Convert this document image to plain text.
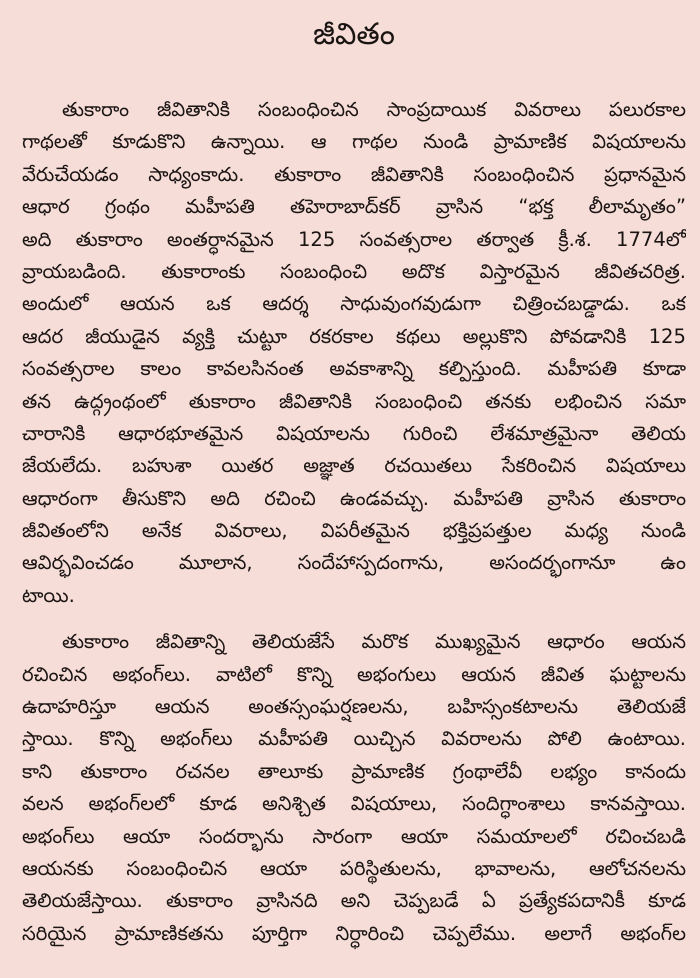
జీవితం
తుకారాం జీవితానికి సంబంధించిన సాంప్రదాయిక వివరాలు పలురకాల
గాథలతో కూడుకొని ఉన్నాయి. ఆ గాథల నుండి ప్రామాణిక విషయాలను
వేరుచేయడం సాధ్యంకాదు. తుకారాం జీవితానికి సంబంధించిన ప్రధానమైన
ఆధార గ్రంథం మహీపతి తహెరాబాద్‌కర్ వ్రాసిన “భక్త లీలామృతం”
అది తుకారాం అంతర్ధానమైన 125 సంవత్సరాల తర్వాత క్రీ.శ. 1774లో
వ్రాయబడింది. తుకారాంకు సంబంధించి అదొక విస్తారమైన జీవితచరిత్ర.
అందులో ఆయన ఒక ఆదర్శ సాధువుంగవుడుగా చిత్రించబడ్డాడు. ఒక
ఆదర జీయుడైన వ్యక్తి చుట్టూ రకరకాల కథలు అల్లుకొని పోవడానికి 125
సంవత్సరాల కాలం కావలసినంత అవకాశాన్ని కల్పిస్తుంది. మహీపతి కూడా
తన ఉద్గ్రంథంలో తుకారాం జీవితానికి సంబంధించి తనకు లభించిన సమా
చారానికి ఆధారభూతమైన విషయాలను గురించి లేశమాత్రమైనా తెలియ
జేయలేదు. బహుశా యితర అజ్ఞాత రచయితలు సేకరించిన విషయాలు
ఆధారంగా తీసుకొని అది రచించి ఉండవచ్చు. మహీపతి వ్రాసిన తుకారాం
జీవితంలోని అనేక వివరాలు, విపరీతమైన భక్తిప్రపత్తుల మధ్య నుండి
ఆవిర్భవించడం మూలాన, సందేహాస్పదంగాను, అసందర్భంగానూ ఉం
టాయి.
తుకారాం జీవితాన్ని తెలియజేసే మరొక ముఖ్యమైన ఆధారం ఆయన
రచించిన అభంగ్‌లు. వాటిలో కొన్ని అభంగులు ఆయన జీవిత ఘట్టాలను
ఉదాహరిస్తూ ఆయన అంతస్సంఘర్షణలను, బహిస్సంకటాలను తెలియజే
స్తాయి. కొన్ని అభంగ్‌లు మహీపతి యిచ్చిన వివరాలను పోలి ఉంటాయి.
కాని తుకారాం రచనల తాలూకు ప్రామాణిక గ్రంథాలేవీ లభ్యం కానందు
వలన అభంగ్‌లలో కూడ అనిశ్చిత విషయాలు, సందిగ్ధాంశాలు కానవస్తాయి.
అభంగ్‌లు ఆయా సందర్భాను సారంగా ఆయా సమయాలలో రచించబడి
ఆయనకు సంబంధించిన ఆయా పరిస్థితులను, భావాలను, ఆలోచనలను
తెలియజేస్తాయి. తుకారాం వ్రాసినది అని చెప్పబడే ఏ ప్రత్యేకపదానికీ కూడ
సరియైన ప్రామాణికతను పూర్తిగా నిర్ధారించి చెప్పలేము. అలాగే అభంగ్‌ల
